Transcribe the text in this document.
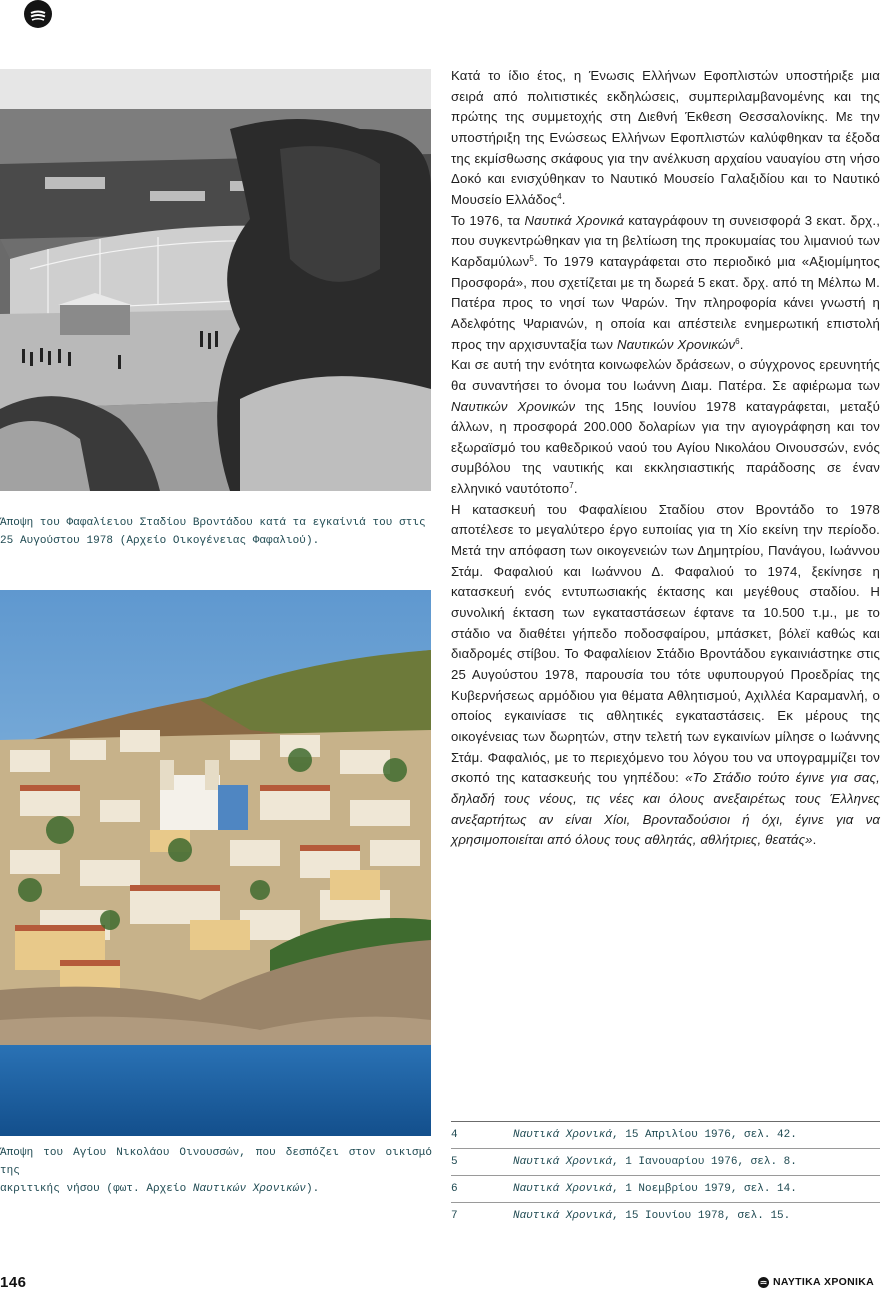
Άποψη του Φαφαλίειου Σταδίου Βροντάδου κατά τα εγκαίνιά του στις
25 Αυγούστου 1978 (Αρχείο Οικογένειας Φαφαλιού).
Άποψη του Αγίου Νικολάου Οινουσσών, που δεσπόζει στον οικισμό της
ακριτικής νήσου (φωτ. Αρχείο Ναυτικών Χρονικών).

Κατά το ίδιο έτος, η Ένωσις Ελλήνων Εφοπλιστών υποστήριξε μια σειρά από πολιτιστικές εκδηλώσεις, συμπεριλαμβανομένης και της πρώτης της συμμετοχής στη Διεθνή Έκθεση Θεσσαλονίκης. Με την υποστήριξη της Ενώσεως Ελλήνων Εφοπλιστών καλύφθηκαν τα έξοδα της εκμίσθωσης σκάφους για την ανέλκυση αρχαίου ναυαγίου στη νήσο Δοκό και ενισχύθηκαν το Ναυτικό Μουσείο Γαλαξιδίου και το Ναυτικό Μουσείο Ελλάδος$^4$.

Το 1976, τα Ναυτικά Χρονικά καταγράφουν τη συνεισφορά 3 εκατ. δρχ., που συγκεντρώθηκαν για τη βελτίωση της προκυμαίας του λιμανιού των Καρδαμύλων$^5$. Το 1979 καταγράφεται στο περιοδικό μια «Αξιομίμητος Προσφορά», που σχετίζεται με τη δωρεά 5 εκατ. δρχ. από τη Μέλπω Μ. Πατέρα προς το νησί των Ψαρών. Την πληροφορία κάνει γνωστή η Αδελφότης Ψαριανών, η οποία και απέστειλε ενημερωτική επιστολή προς την αρχισυνταξία των Ναυτικών Χρονικών$^6$.

Και σε αυτή την ενότητα κοινωφελών δράσεων, ο σύγχρονος ερευνητής θα συναντήσει το όνομα του Ιωάννη Διαμ. Πατέρα. Σε αφιέρωμα των Ναυτικών Χρονικών της 15ης Ιουνίου 1978 καταγράφεται, μεταξύ άλλων, η προσφορά 200.000 δολαρίων για την αγιογράφηση και τον εξωραϊσμό του καθεδρικού ναού του Αγίου Νικολάου Οινουσσών, ενός συμβόλου της ναυτικής και εκκλησιαστικής παράδοσης σε έναν ελληνικό ναυτότοπο$^7$.

Η κατασκευή του Φαφαλίειου Σταδίου στον Βροντάδο το 1978 αποτέλεσε το μεγαλύτερο έργο ευποιίας για τη Χίο εκείνη την περίοδο. Μετά την απόφαση των οικογενειών των Δημητρίου, Πανάγου, Ιωάννου Στάμ. Φαφαλιού και Ιωάννου Δ. Φαφαλιού το 1974, ξεκίνησε η κατασκευή ενός εντυπωσιακής έκτασης και μεγέθους σταδίου. Η συνολική έκταση των εγκαταστάσεων έφτανε τα 10.500 τ.μ., με το στάδιο να διαθέτει γήπεδο ποδοσφαίρου, μπάσκετ, βόλεϊ καθώς και διαδρομές στίβου. Το Φαφαλίειον Στάδιο Βροντάδου εγκαινιάστηκε στις 25 Αυγούστου 1978, παρουσία του τότε υφυπουργού Προεδρίας της Κυβερνήσεως αρμόδιου για θέματα Αθλητισμού, Αχιλλέα Καραμανλή, ο οποίος εγκαινίασε τις αθλητικές εγκαταστάσεις. Εκ μέρους της οικογένειας των δωρητών, στην τελετή των εγκαινίων μίλησε ο Ιωάννης Στάμ. Φαφαλιός, με το περιεχόμενο του λόγου του να υπογραμμίζει τον σκοπό της κατασκευής του γηπέδου: «Το Στάδιο τούτο έγινε για σας, δηλαδή τους νέους, τις νέες και όλους ανεξαιρέτως τους Έλληνες ανεξαρτήτως αν είναι Χίοι, Βρονταδούσιοι ή όχι, έγινε για να χρησιμοποιείται από όλους τους αθλητάς, αθλήτριες, θεατάς».

4	Ναυτικά Χρονικά , 15 Απριλίου 1976, σελ. 42.
5	Ναυτικά Χρονικά , 1 Ιανουαρίου 1976, σελ. 8.
6	Ναυτικά Χρονικά , 1 Νοεμβρίου 1979, σελ. 14.
7	Ναυτικά Χρονικά , 15 Ιουνίου 1978, σελ. 15.
146	ΝΑΥΤΙΚΑ ΧΡΟΝΙΚΑ
